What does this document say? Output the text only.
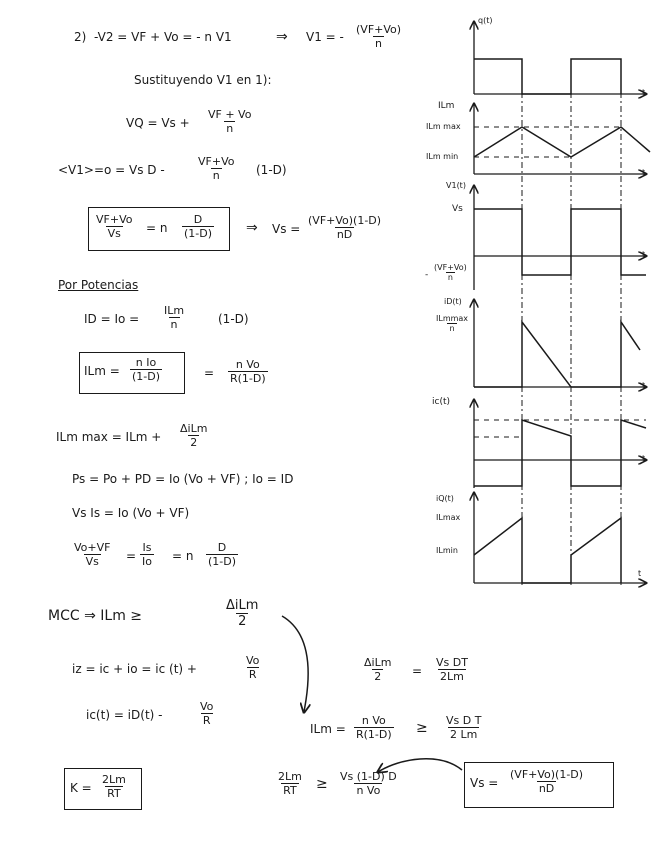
2) -V2 = VF + Vo = - n V1	⇒ V1 = - $\frac{(VF+Vo)}{n}$
Sustituyendo V1 en 1):
VQ = $Vs + \frac{VF + Vo}{n}$
<V1>=o = Vs D -	$\frac{VF+Vo}{n} (1-D)$
$\frac{VF+Vo}{Vs} = n \frac{D}{(1-D)}$ ⇒ $Vs = \frac{(VF+Vo)(1-D)}{nD}$
Por Potencias
ID = Io =
ILm
n	(1-D)
ILm = $\frac{\text{n Io}}{(1-D)}$	= $\frac{\text{n Vo}}{R(1-D)}$
ILm max = ILm +
ΔiLm
2
Ps = Po + PD = Io (Vo + VF) ; Io = ID
Vs Is = Io (Vo + VF)
$\frac{Vo+VF}{Vs} = \frac{Is}{Io} = n \frac{D}{(1-D)}$
MCC ⇒ ILm ≥
ΔiLm
2
iz = ic + io = ic (t) +	$\frac{Vo}{R}$
ic(t) = iD(t) -	$\frac{Vo}{R}$
$K = \frac{2Lm}{RT}$
ΔiLm
2	= $\frac{\text{Vs DT}}{2Lm}$
ILm = $\frac{\text{n Vo}}{R(1-D)} \ge \frac{\text{Vs D T}}{2 Lm}$
$\frac{2Lm}{RT} \ge \frac{Vs (1-D) D}{\text{n Vo}}$	$Vs = \frac{(VF+Vo)(1-D)}{nD}$
q(t)
t
ILm
ILm max
ILm min
t
V1(t)
Vs
t
- $\frac{(VF+Vo)}{n}$
iD(t)
ILmmax
n
t
ic(t)
t
iQ(t)
ILmax
ILmin
t
